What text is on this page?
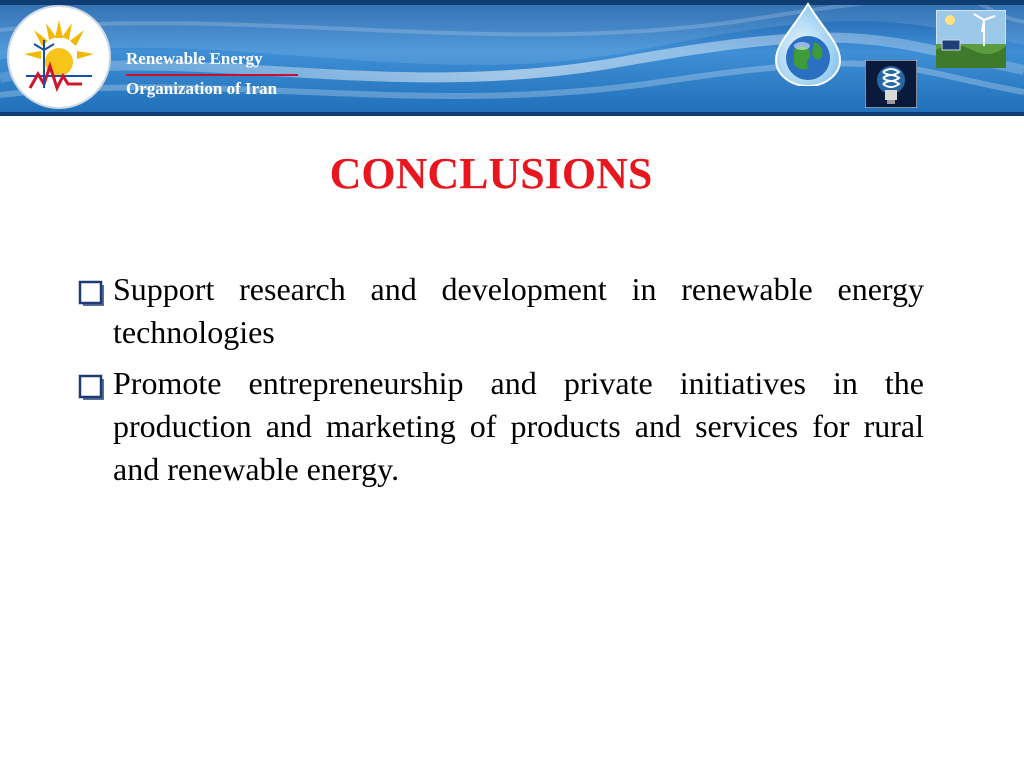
Renewable Energy
Organization of Iran
CONCLUSIONS
Support research and development in renewable energy technologies
Promote entrepreneurship and private initiatives in the production and marketing of products and services for rural and renewable energy.
